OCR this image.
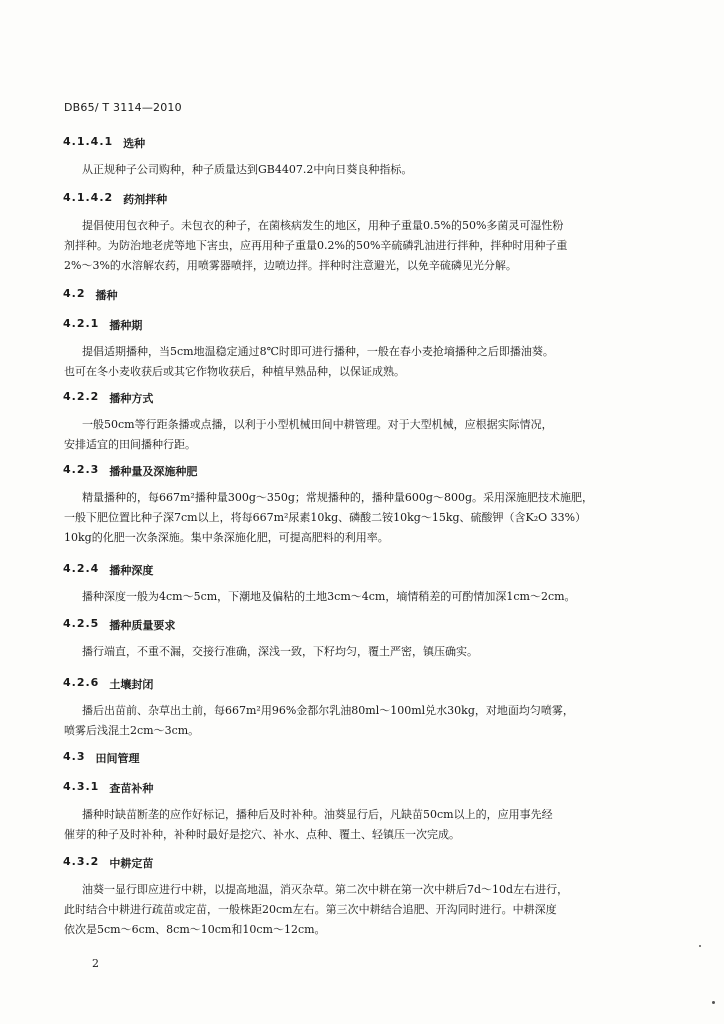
DB65/ T 3114—2010
4.1.4.1 选种
从正规种子公司购种，种子质量达到GB4407.2中向日葵良种指标。
4.1.4.2 药剂拌种
提倡使用包衣种子。未包衣的种子，在菌核病发生的地区，用种子重量0.5%的50%多菌灵可湿性粉
剂拌种。为防治地老虎等地下害虫，应再用种子重量0.2%的50%辛硫磷乳油进行拌种，拌种时用种子重
2%～3%的水溶解农药，用喷雾器喷拌，边喷边拌。拌种时注意避光，以免辛硫磷见光分解。
4.2 播种
4.2.1 播种期
提倡适期播种，当5cm地温稳定通过8℃时即可进行播种，一般在春小麦抢墒播种之后即播油葵。
也可在冬小麦收获后或其它作物收获后，种植早熟品种，以保证成熟。
4.2.2 播种方式
一般50cm等行距条播或点播，以利于小型机械田间中耕管理。对于大型机械，应根据实际情况，
安排适宜的田间播种行距。
4.2.3 播种量及深施种肥
精量播种的，每667m²播种量300g～350g；常规播种的，播种量600g～800g。采用深施肥技术施肥，
一般下肥位置比种子深7cm以上，将每667m²尿素10kg、磷酸二铵10kg～15kg、硫酸钾（含K₂O 33%）
10kg的化肥一次条深施。集中条深施化肥，可提高肥料的利用率。
4.2.4 播种深度
播种深度一般为4cm～5cm，下潮地及偏粘的土地3cm～4cm，墒情稍差的可酌情加深1cm～2cm。
4.2.5 播种质量要求
播行端直，不重不漏，交接行准确，深浅一致，下籽均匀，覆土严密，镇压确实。
4.2.6 土壤封闭
播后出苗前、杂草出土前，每667m²用96%金都尔乳油80ml～100ml兑水30kg，对地面均匀喷雾，
喷雾后浅混土2cm～3cm。
4.3 田间管理
4.3.1 查苗补种
播种时缺苗断垄的应作好标记，播种后及时补种。油葵显行后，凡缺苗50cm以上的，应用事先经
催芽的种子及时补种，补种时最好是挖穴、补水、点种、覆土、轻镇压一次完成。
4.3.2 中耕定苗
油葵一显行即应进行中耕，以提高地温，消灭杂草。第二次中耕在第一次中耕后7d～10d左右进行，
此时结合中耕进行疏苗或定苗，一般株距20cm左右。第三次中耕结合追肥、开沟同时进行。中耕深度
依次是5cm～6cm、8cm～10cm和10cm～12cm。
2
